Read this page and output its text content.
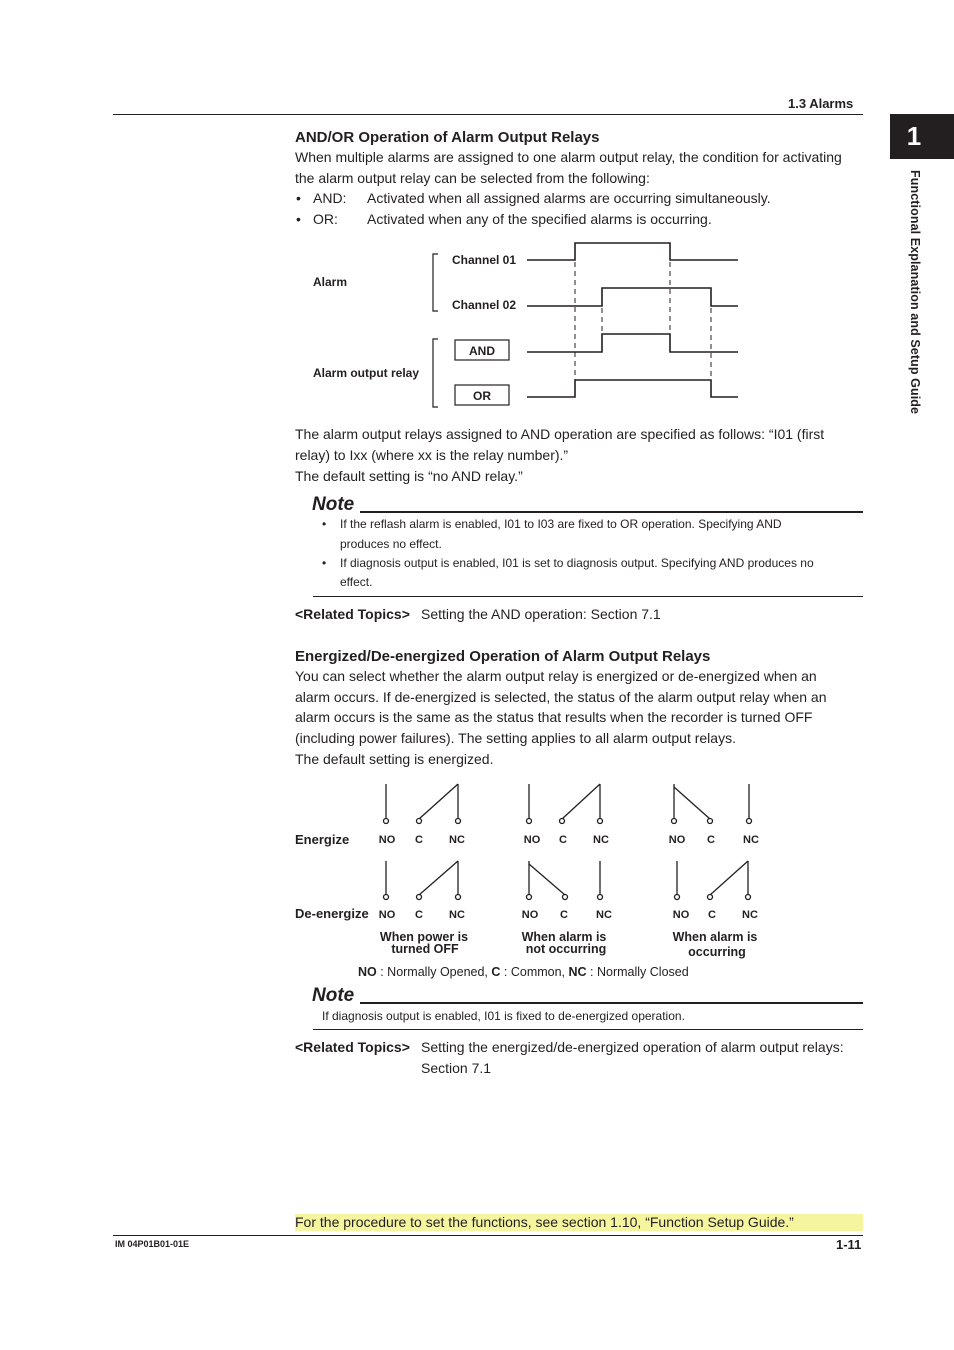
1.3 Alarms
1
Functional Explanation and Setup Guide
AND/OR Operation of Alarm Output Relays

When multiple alarms are assigned to one alarm output relay, the condition for activating

the alarm output relay can be selected from the following:

• AND: Activated when all assigned alarms are occurring simultaneously.
• OR: Activated when any of the specified alarms is occurring.
Alarm
Channel 01
Channel 02
Alarm output relay
AND
OR

The alarm output relays assigned to AND operation are specified as follows: “I01 (first

relay) to Ixx (where xx is the relay number).”

The default setting is “no AND relay.”

Note
• If the reflash alarm is enabled, I01 to I03 are fixed to OR operation. Specifying AND
produces no effect.
• If diagnosis output is enabled, I01 is set to diagnosis output. Specifying AND produces no
effect.
<Related Topics> Setting the AND operation: Section 7.1
Energized/De-energized Operation of Alarm Output Relays

You can select whether the alarm output relay is energized or de-energized when an

alarm occurs. If de-energized is selected, the status of the alarm output relay when an

alarm occurs is the same as the status that results when the recorder is turned OFF

(including power failures). The setting applies to all alarm output relays.

The default setting is energized.

Energize
De-energize
NO C NC	NO C NC	NO C	NC
NO C NC	NO C	NC	NO C NC
When power is
turned OFF
When alarm is
not occurring
When alarm is
occurring
NO : Normally Opened, C : Common, NC : Normally Closed
Note
If diagnosis output is enabled, I01 is fixed to de-energized operation.
<Related Topics> Setting the energized/de-energized operation of alarm output relays:
Section 7.1
For the procedure to set the functions, see section 1.10, “Function Setup Guide.”
IM 04P01B01-01E	1-11
